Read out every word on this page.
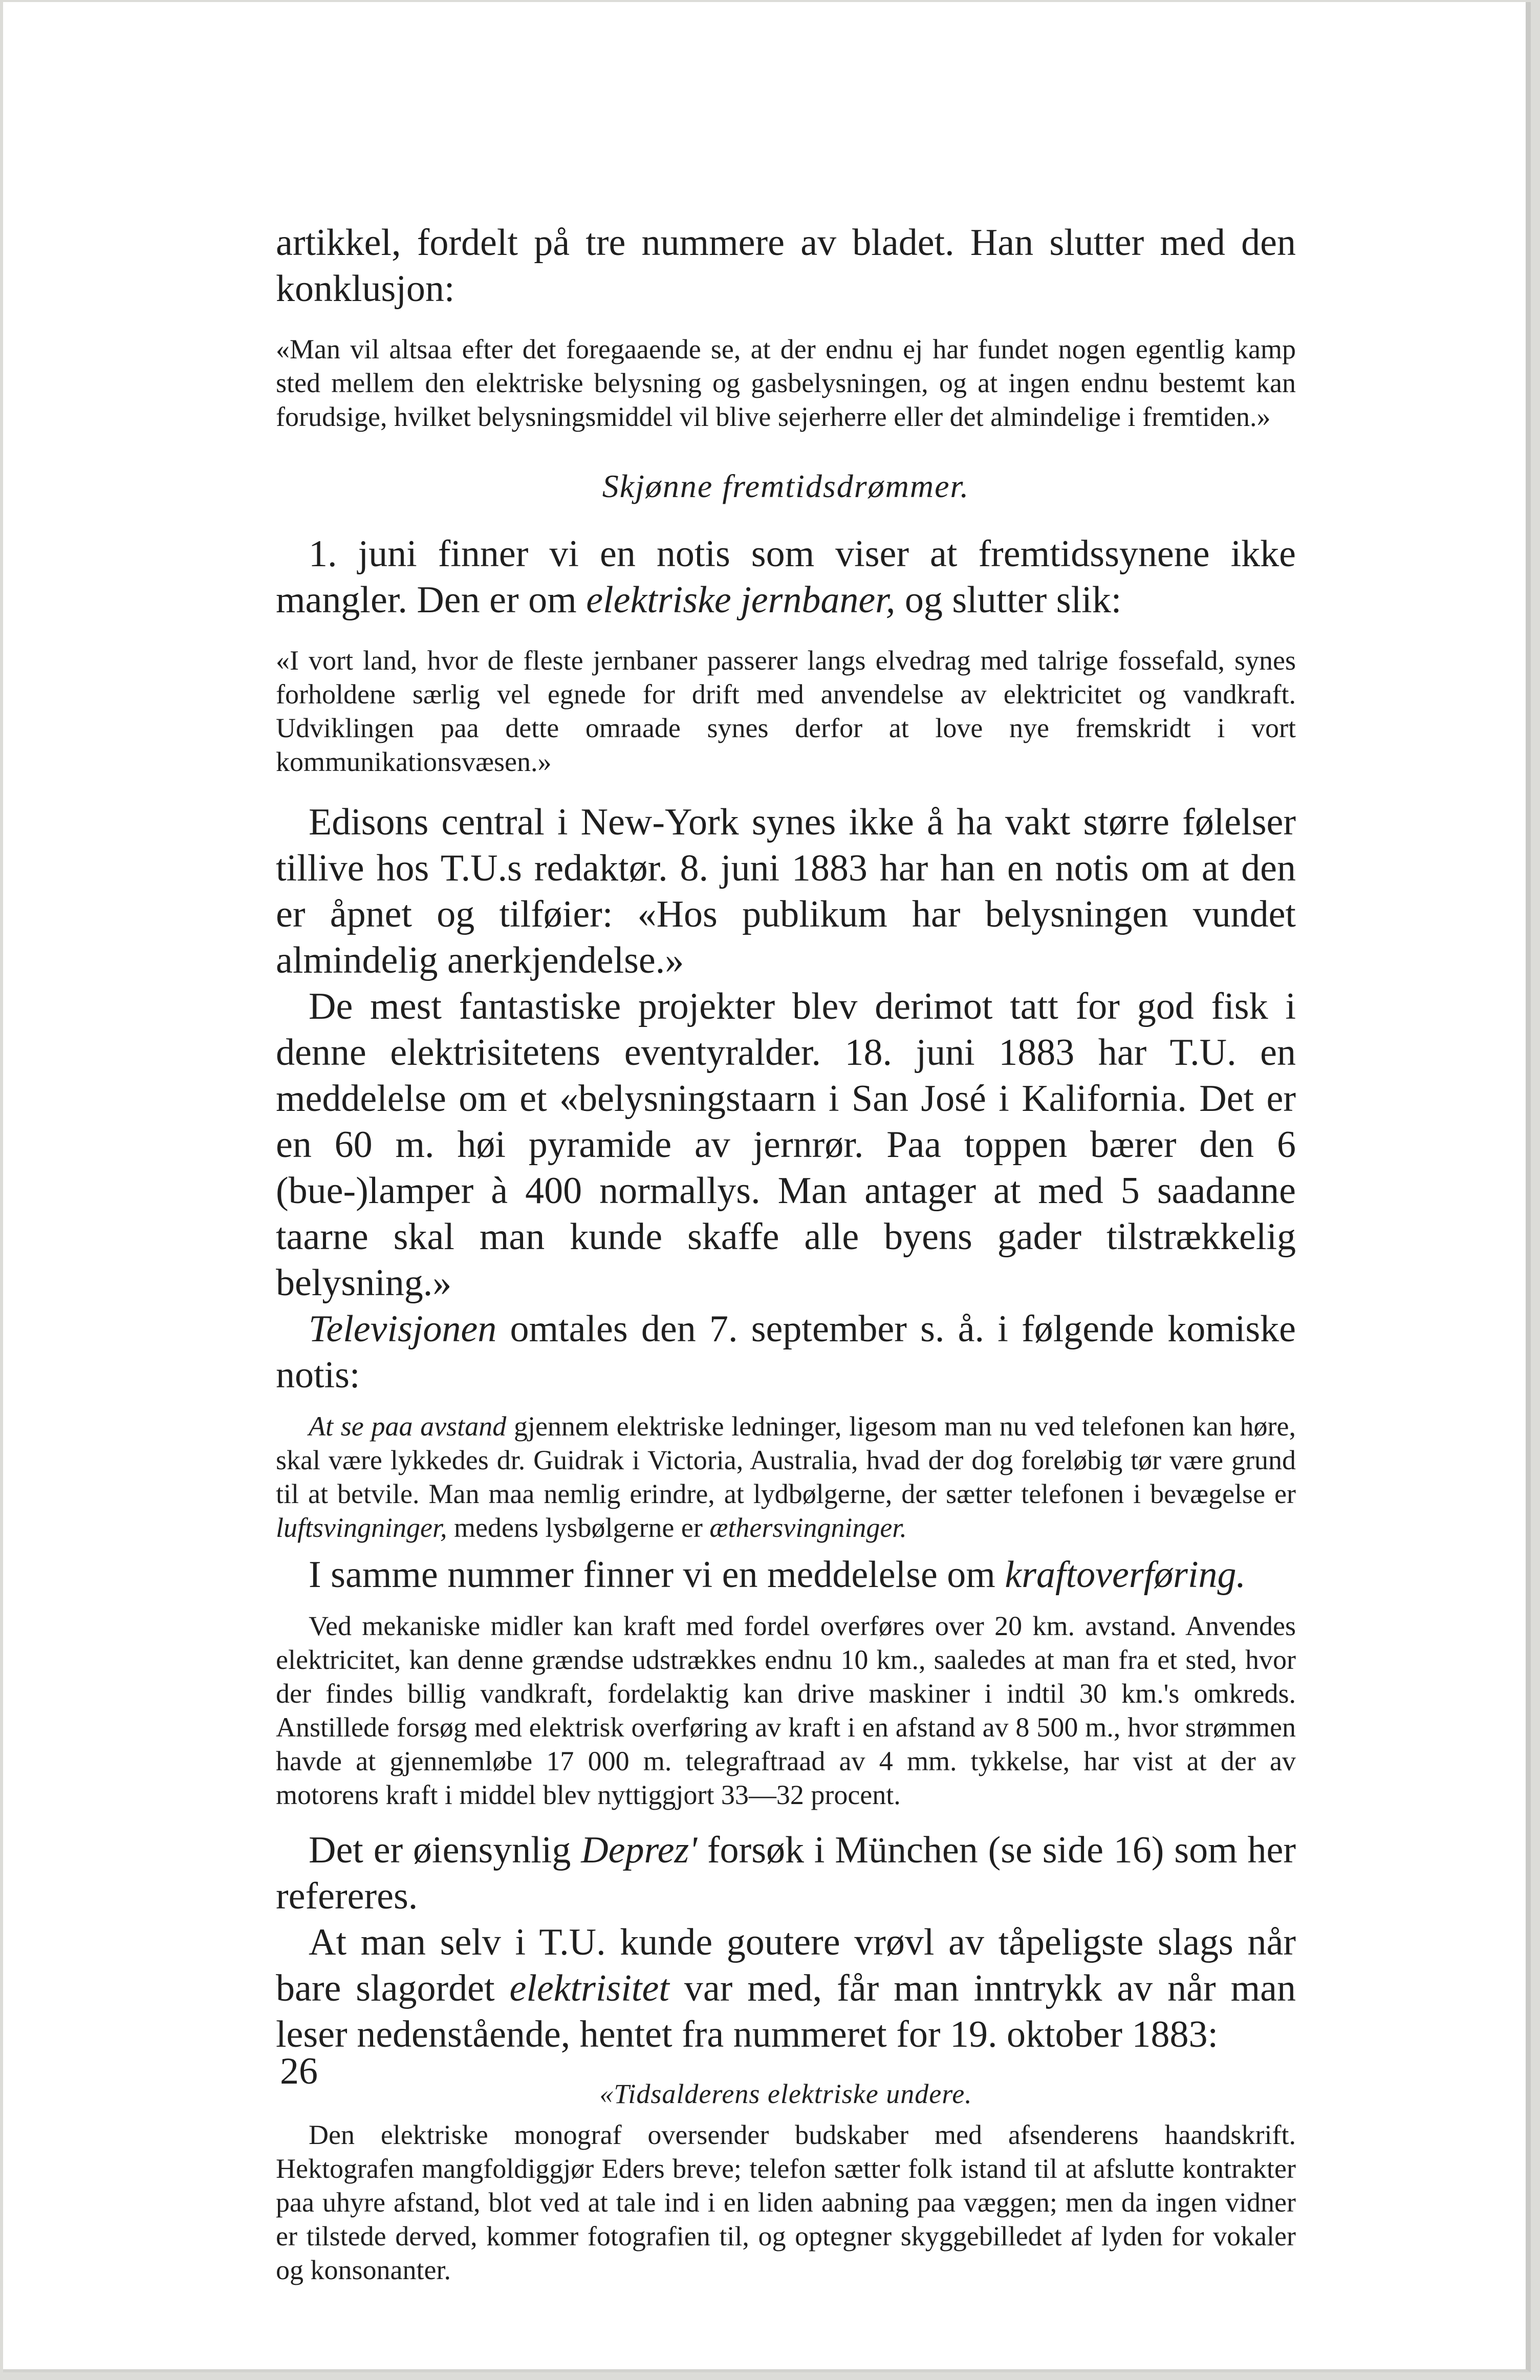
artikkel, fordelt på tre nummere av bladet. Han slutter med den konklusjon:

«Man vil altsaa efter det foregaaende se, at der endnu ej har fundet nogen egentlig kamp sted mellem den elektriske belysning og gasbelysningen, og at ingen endnu bestemt kan forudsige, hvilket belysningsmiddel vil blive sejerherre eller det almindelige i fremtiden.»

Skjønne fremtidsdrømmer.

1. juni finner vi en notis som viser at fremtidssynene ikke mangler. Den er om elektriske jernbaner, og slutter slik:

«I vort land, hvor de fleste jernbaner passerer langs elvedrag med talrige fossefald, synes forholdene særlig vel egnede for drift med anvendelse av elektricitet og vandkraft. Udviklingen paa dette omraade synes derfor at love nye fremskridt i vort kommunikationsvæsen.»

Edisons central i New-York synes ikke å ha vakt større følelser tillive hos T.U.s redaktør. 8. juni 1883 har han en notis om at den er åpnet og tilføier: «Hos publikum har belysningen vundet almindelig anerkjendelse.»

De mest fantastiske projekter blev derimot tatt for god fisk i denne elektrisitetens eventyralder. 18. juni 1883 har T.U. en meddelelse om et «belysningstaarn i San José i Kalifornia. Det er en 60 m. høi pyramide av jernrør. Paa toppen bærer den 6 (bue-)lamper à 400 normallys. Man antager at med 5 saadanne taarne skal man kunde skaffe alle byens gader tilstrækkelig belysning.»

Televisjonen omtales den 7. september s. å. i følgende komiske notis:

At se paa avstand gjennem elektriske ledninger, ligesom man nu ved telefonen kan høre, skal være lykkedes dr. Guidrak i Victoria, Australia, hvad der dog foreløbig tør være grund til at betvile. Man maa nemlig erindre, at lydbølgerne, der sætter telefonen i bevægelse er luftsvingninger, medens lysbølgerne er æthersvingninger.

I samme nummer finner vi en meddelelse om kraftoverføring.

Ved mekaniske midler kan kraft med fordel overføres over 20 km. avstand. Anvendes elektricitet, kan denne grændse udstrækkes endnu 10 km., saaledes at man fra et sted, hvor der findes billig vandkraft, fordelaktig kan drive maskiner i indtil 30 km.'s omkreds. Anstillede forsøg med elektrisk overføring av kraft i en afstand av 8 500 m., hvor strømmen havde at gjennemløbe 17 000 m. telegraftraad av 4 mm. tykkelse, har vist at der av motorens kraft i middel blev nyttiggjort 33—32 procent.

Det er øiensynlig Deprez' forsøk i München (se side 16) som her refereres.

At man selv i T.U. kunde goutere vrøvl av tåpeligste slags når bare slagordet elektrisitet var med, får man inntrykk av når man leser nedenstående, hentet fra nummeret for 19. oktober 1883:

«Tidsalderens elektriske undere.

Den elektriske monograf oversender budskaber med afsenderens haandskrift. Hektografen mangfoldiggjør Eders breve; telefon sætter folk istand til at afslutte kontrakter paa uhyre afstand, blot ved at tale ind i en liden aabning paa væggen; men da ingen vidner er tilstede derved, kommer fotografien til, og optegner skyggebilledet af lyden for vokaler og konsonanter.

26
